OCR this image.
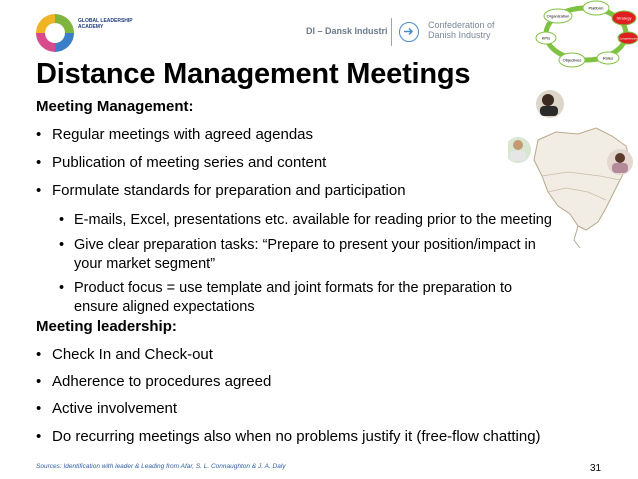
GLOBAL LEADERSHIP ACADEMY	DI – Dansk Industri
Confederation of
Danish Industry
Organization
Platform
Strategy
KPIs
Objectives	Roles
Competencies
Distance Management Meetings
Meeting Management:
• Regular meetings with agreed agendas
• Publication of meeting series and content
• Formulate standards for preparation and participation
• E-mails, Excel, presentations etc. available for reading prior to the meeting
• Give clear preparation tasks: “Prepare to present your position/impact in
your market segment”
• Product focus = use template and joint formats for the preparation to
ensure aligned expectations
Meeting leadership:
• Check In and Check-out
• Adherence to procedures agreed
• Active involvement
• Do recurring meetings also when no problems justify it (free-flow chatting)
Sources: Identification with leader & Leading from Afar, S. L. Connaughton & J. A. Daly	31
